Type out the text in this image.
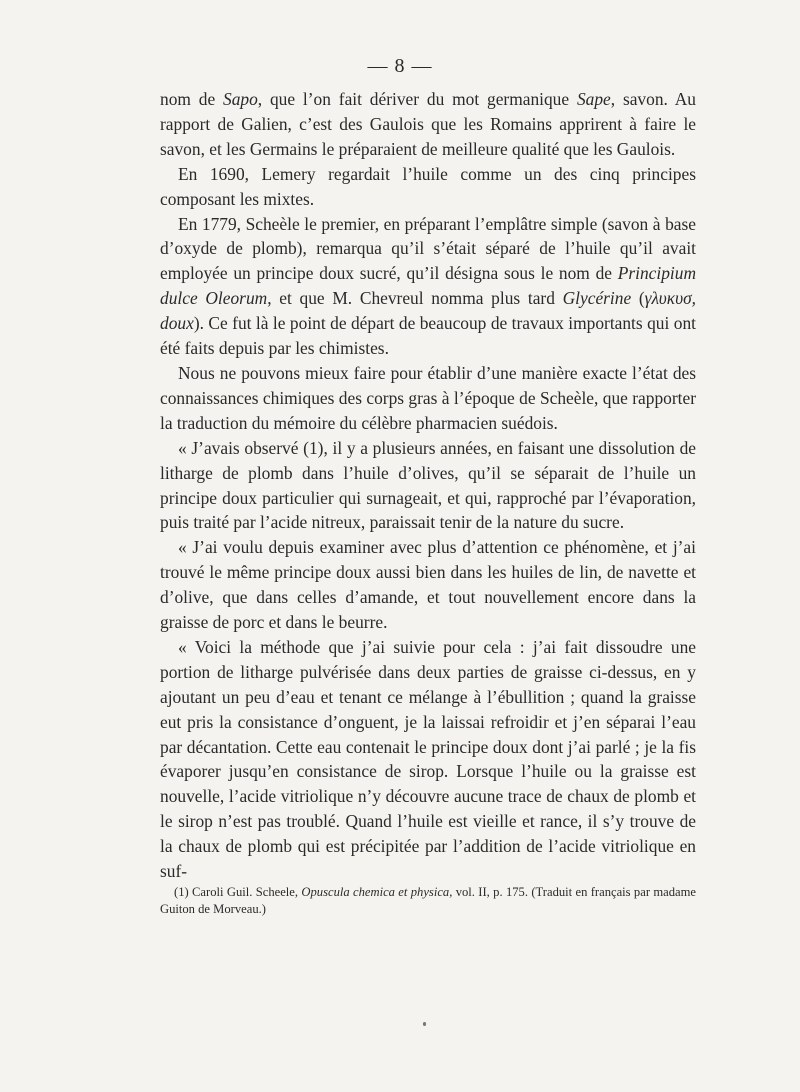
— 8 —

nom de Sapo, que l’on fait dériver du mot germanique Sape, savon. Au rapport de Galien, c’est des Gaulois que les Romains apprirent à faire le savon, et les Germains le préparaient de meilleure qualité que les Gaulois.

En 1690, Lemery regardait l’huile comme un des cinq principes composant les mixtes.

En 1779, Scheèle le premier, en préparant l’emplâtre simple (savon à base d’oxyde de plomb), remarqua qu’il s’était séparé de l’huile qu’il avait employée un principe doux sucré, qu’il désigna sous le nom de Principium dulce Oleorum, et que M. Chevreul nomma plus tard Glycérine (γλυκυσ, doux). Ce fut là le point de départ de beaucoup de travaux importants qui ont été faits depuis par les chimistes.

Nous ne pouvons mieux faire pour établir d’une manière exacte l’état des connaissances chimiques des corps gras à l’époque de Scheèle, que rapporter la traduction du mémoire du célèbre pharmacien suédois.

« J’avais observé (1), il y a plusieurs années, en faisant une dissolution de litharge de plomb dans l’huile d’olives, qu’il se séparait de l’huile un principe doux particulier qui surnageait, et qui, rapproché par l’évaporation, puis traité par l’acide nitreux, paraissait tenir de la nature du sucre.

« J’ai voulu depuis examiner avec plus d’attention ce phénomène, et j’ai trouvé le même principe doux aussi bien dans les huiles de lin, de navette et d’olive, que dans celles d’amande, et tout nouvellement encore dans la graisse de porc et dans le beurre.

« Voici la méthode que j’ai suivie pour cela : j’ai fait dissoudre une portion de litharge pulvérisée dans deux parties de graisse ci-dessus, en y ajoutant un peu d’eau et tenant ce mélange à l’ébullition ; quand la graisse eut pris la consistance d’onguent, je la laissai refroidir et j’en séparai l’eau par décantation. Cette eau contenait le principe doux dont j’ai parlé ; je la fis évaporer jusqu’en consistance de sirop. Lorsque l’huile ou la graisse est nouvelle, l’acide vitriolique n’y découvre aucune trace de chaux de plomb et le sirop n’est pas troublé. Quand l’huile est vieille et rance, il s’y trouve de la chaux de plomb qui est précipitée par l’addition de l’acide vitriolique en suf-

(1) Caroli Guil. Scheele, Opuscula chemica et physica, vol. II, p. 175. (Traduit en français par madame Guiton de Morveau.)
